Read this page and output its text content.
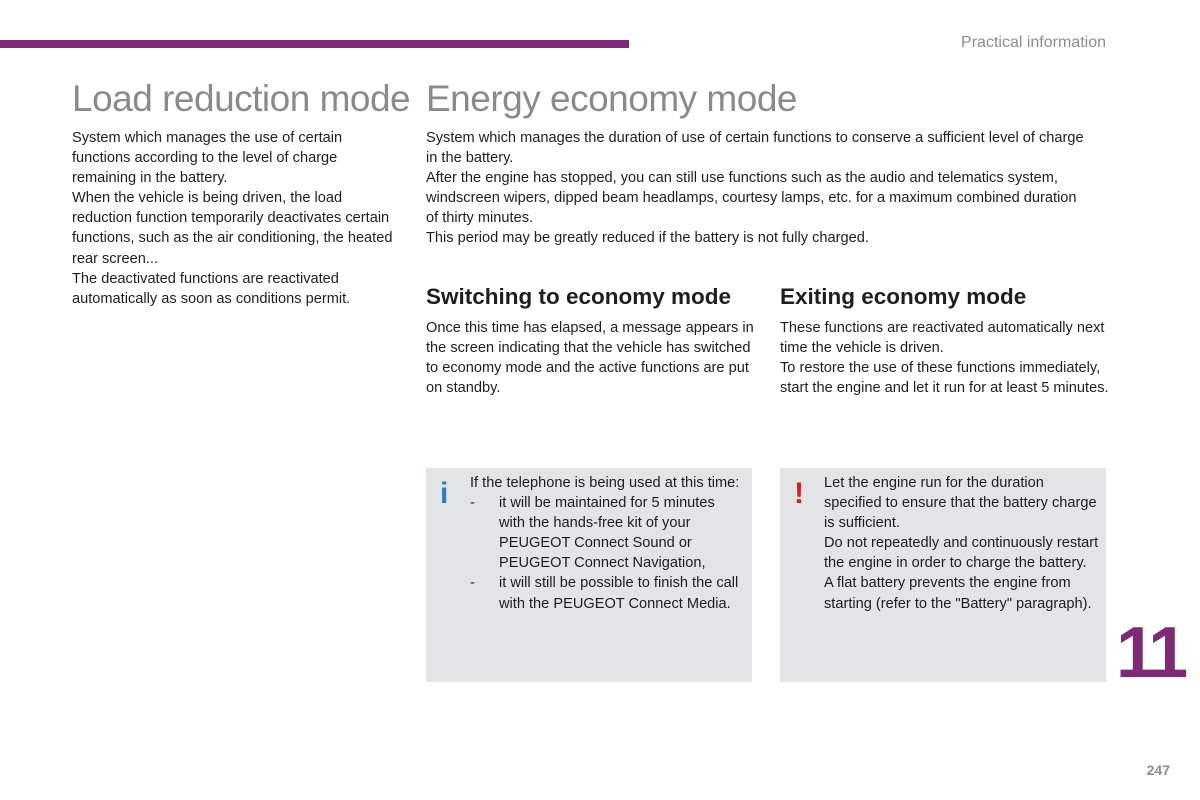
Practical information
Load reduction mode

System which manages the use of certain functions according to the level of charge remaining in the battery.

When the vehicle is being driven, the load reduction function temporarily deactivates certain functions, such as the air conditioning, the heated rear screen...

The deactivated functions are reactivated automatically as soon as conditions permit.

Energy economy mode

System which manages the duration of use of certain functions to conserve a sufficient level of charge in the battery.

After the engine has stopped, you can still use functions such as the audio and telematics system, windscreen wipers, dipped beam headlamps, courtesy lamps, etc. for a maximum combined duration of thirty minutes.

This period may be greatly reduced if the battery is not fully charged.

Switching to economy mode

Once this time has elapsed, a message appears in the screen indicating that the vehicle has switched to economy mode and the active functions are put on standby.

Exiting economy mode

These functions are reactivated automatically next time the vehicle is driven.

To restore the use of these functions immediately, start the engine and let it run for at least 5 minutes.

i If the telephone is being used at this time:

- it will be maintained for 5 minutes with the hands-free kit of your PEUGEOT Connect Sound or PEUGEOT Connect Navigation,
- it will still be possible to finish the call with the PEUGEOT Connect Media.
! Let the engine run for the duration specified to ensure that the battery charge is sufficient.

Do not repeatedly and continuously restart the engine in order to charge the battery.

A flat battery prevents the engine from starting (refer to the "Battery" paragraph).

11
247
